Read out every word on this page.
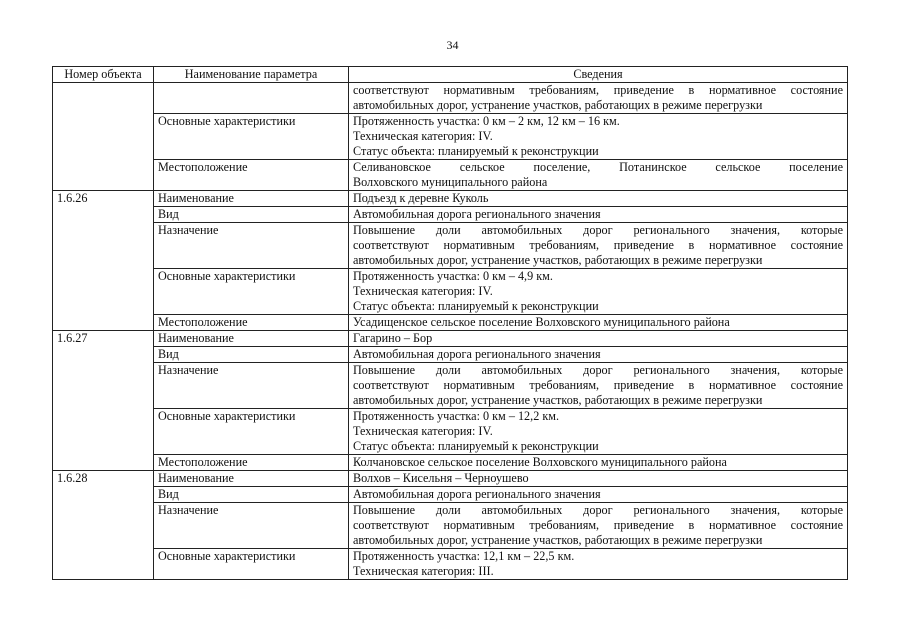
34
Номер объекта	Наименование параметра	Сведения

		соответствуют нормативным требованиям, приведение в нормативное состояние
автомобильных дорог, устранение участков, работающих в режиме перегрузки

	Основные характеристики	Протяженность участка: 0 км – 2 км, 12 км – 16 км.
Техническая категория: IV.
Статус объекта: планируемый к реконструкции

	Местоположение	Селивановское сельское поселение, Потанинское сельское поселение
Волховского муниципального района

1.6.26	Наименование	Подъезд к деревне Куколь
	Вид	Автомобильная дорога регионального значения
	Назначение	Повышение доли автомобильных дорог регионального значения, которые
соответствуют нормативным требованиям, приведение в нормативное состояние
автомобильных дорог, устранение участков, работающих в режиме перегрузки

	Основные характеристики	Протяженность участка: 0 км – 4,9 км.
Техническая категория: IV.
Статус объекта: планируемый к реконструкции

	Местоположение	Усадищенское сельское поселение Волховского муниципального района
1.6.27	Наименование	Гагарино – Бор
	Вид	Автомобильная дорога регионального значения
	Назначение	Повышение доли автомобильных дорог регионального значения, которые
соответствуют нормативным требованиям, приведение в нормативное состояние
автомобильных дорог, устранение участков, работающих в режиме перегрузки

	Основные характеристики	Протяженность участка: 0 км – 12,2 км.
Техническая категория: IV.
Статус объекта: планируемый к реконструкции

	Местоположение	Колчановское сельское поселение Волховского муниципального района
1.6.28	Наименование	Волхов – Кисельня – Черноушево
	Вид	Автомобильная дорога регионального значения
	Назначение	Повышение доли автомобильных дорог регионального значения, которые
соответствуют нормативным требованиям, приведение в нормативное состояние
автомобильных дорог, устранение участков, работающих в режиме перегрузки

	Основные характеристики	Протяженность участка: 12,1 км – 22,5 км.
Техническая категория: III.
